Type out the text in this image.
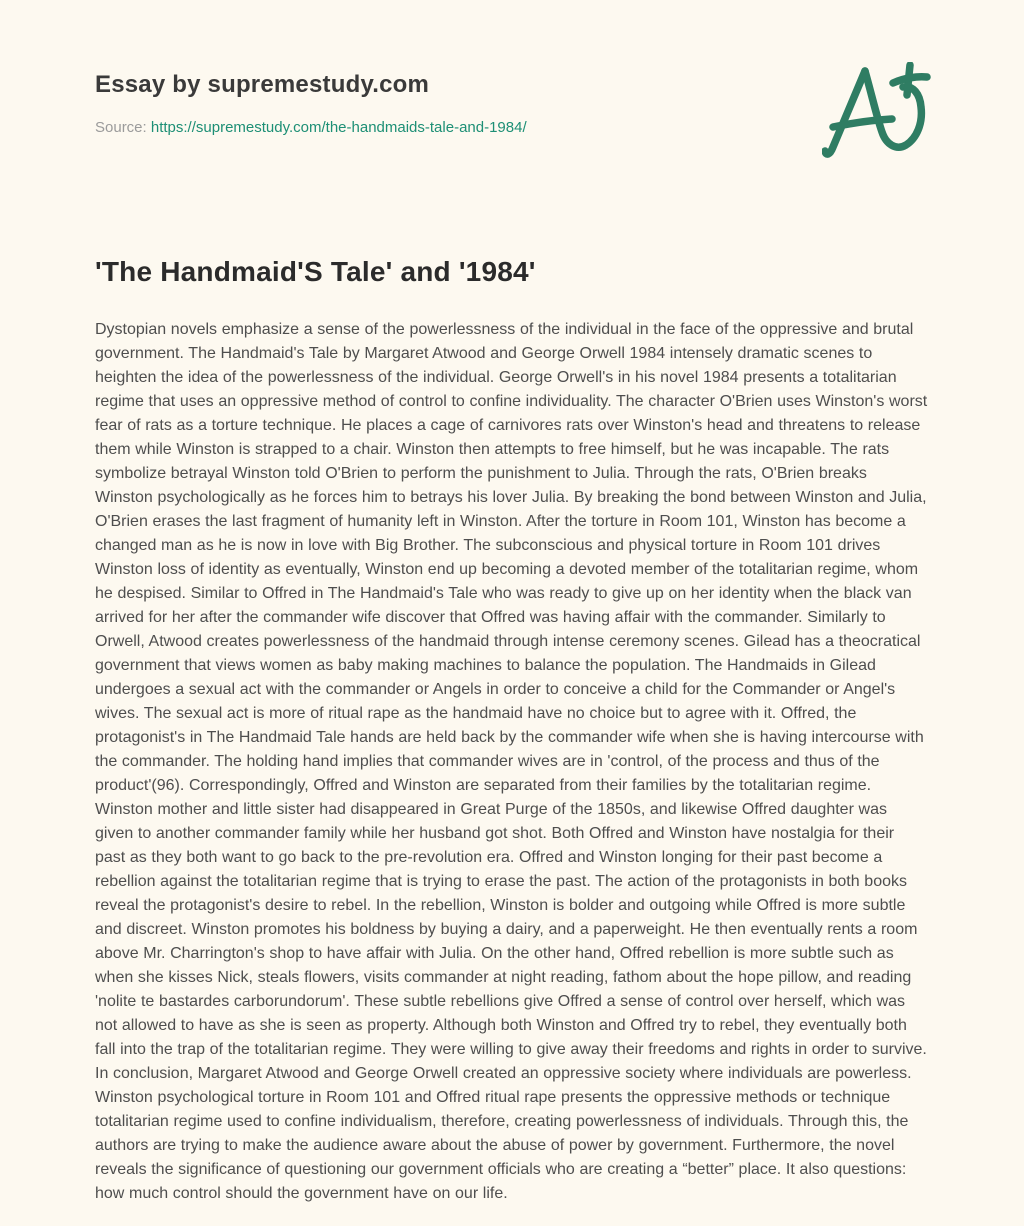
Essay by supremestudy.com
Source: https://supremestudy.com/the-handmaids-tale-and-1984/
'The Handmaid'S Tale' and '1984'

Dystopian novels emphasize a sense of the powerlessness of the individual in the face of the oppressive and brutal government. The Handmaid's Tale by Margaret Atwood and George Orwell 1984 intensely dramatic scenes to heighten the idea of the powerlessness of the individual. George Orwell's in his novel 1984 presents a totalitarian regime that uses an oppressive method of control to confine individuality. The character O'Brien uses Winston's worst fear of rats as a torture technique. He places a cage of carnivores rats over Winston's head and threatens to release them while Winston is strapped to a chair. Winston then attempts to free himself, but he was incapable. The rats symbolize betrayal Winston told O'Brien to perform the punishment to Julia. Through the rats, O'Brien breaks Winston psychologically as he forces him to betrays his lover Julia. By breaking the bond between Winston and Julia, O'Brien erases the last fragment of humanity left in Winston. After the torture in Room 101, Winston has become a changed man as he is now in love with Big Brother. The subconscious and physical torture in Room 101 drives Winston loss of identity as eventually, Winston end up becoming a devoted member of the totalitarian regime, whom he despised. Similar to Offred in The Handmaid's Tale who was ready to give up on her identity when the black van arrived for her after the commander wife discover that Offred was having affair with the commander. Similarly to Orwell, Atwood creates powerlessness of the handmaid through intense ceremony scenes. Gilead has a theocratical government that views women as baby making machines to balance the population. The Handmaids in Gilead undergoes a sexual act with the commander or Angels in order to conceive a child for the Commander or Angel's wives. The sexual act is more of ritual rape as the handmaid have no choice but to agree with it. Offred, the protagonist's in The Handmaid Tale hands are held back by the commander wife when she is having intercourse with the commander. The holding hand implies that commander wives are in 'control, of the process and thus of the product'(96). Correspondingly, Offred and Winston are separated from their families by the totalitarian regime. Winston mother and little sister had disappeared in Great Purge of the 1850s, and likewise Offred daughter was given to another commander family while her husband got shot. Both Offred and Winston have nostalgia for their past as they both want to go back to the pre-revolution era. Offred and Winston longing for their past become a rebellion against the totalitarian regime that is trying to erase the past. The action of the protagonists in both books reveal the protagonist's desire to rebel. In the rebellion, Winston is bolder and outgoing while Offred is more subtle and discreet. Winston promotes his boldness by buying a dairy, and a paperweight. He then eventually rents a room above Mr. Charrington's shop to have affair with Julia. On the other hand, Offred rebellion is more subtle such as when she kisses Nick, steals flowers, visits commander at night reading, fathom about the hope pillow, and reading 'nolite te bastardes carborundorum'. These subtle rebellions give Offred a sense of control over herself, which was not allowed to have as she is seen as property. Although both Winston and Offred try to rebel, they eventually both fall into the trap of the totalitarian regime. They were willing to give away their freedoms and rights in order to survive. In conclusion, Margaret Atwood and George Orwell created an oppressive society where individuals are powerless. Winston psychological torture in Room 101 and Offred ritual rape presents the oppressive methods or technique totalitarian regime used to confine individualism, therefore, creating powerlessness of individuals. Through this, the authors are trying to make the audience aware about the abuse of power by government. Furthermore, the novel reveals the significance of questioning our government officials who are creating a “better” place. It also questions: how much control should the government have on our life.
